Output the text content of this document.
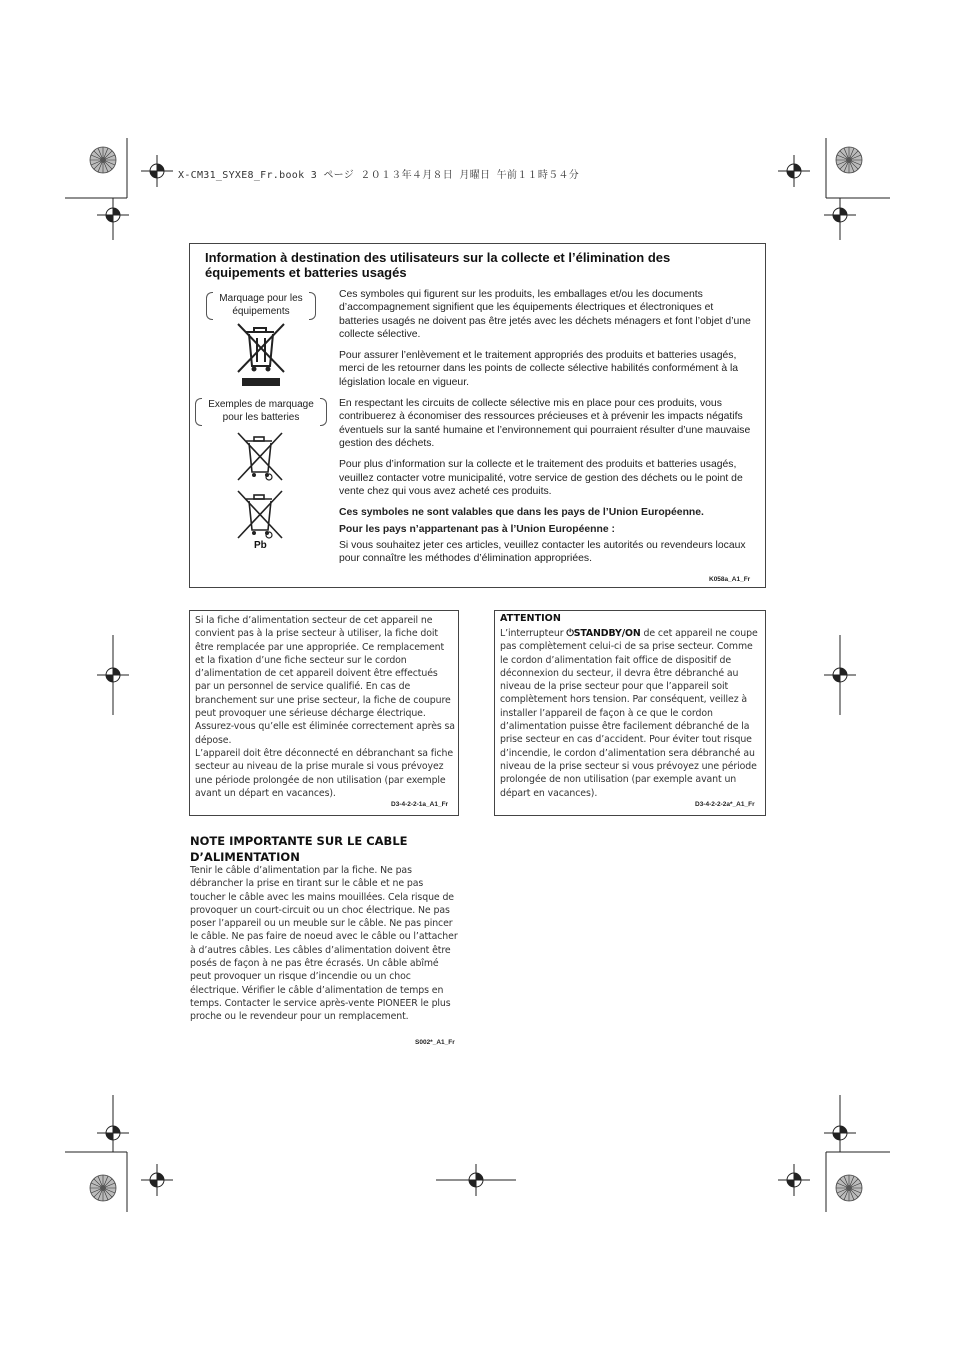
X-CM31_SYXE8_Fr.book 3 ページ ２０１３年４月８日 月曜日 午前１１時５４分
Information à destination des utilisateurs sur la collecte et l’élimination des équipements et batteries usagés
Marquage pour les équipements
Exemples de marquage pour les batteries
Pb

Ces symboles qui figurent sur les produits, les emballages et/ou les documents d’accompagnement signifient que les équipements électriques et électroniques et batteries usagés ne doivent pas être jetés avec les déchets ménagers et font l’objet d’une collecte sélective.

Pour assurer l’enlèvement et le traitement appropriés des produits et batteries usagés, merci de les retourner dans les points de collecte sélective habilités conformément à la législation locale en vigueur.

En respectant les circuits de collecte sélective mis en place pour ces produits, vous contribuerez à économiser des ressources précieuses et à prévenir les impacts négatifs éventuels sur la santé humaine et l’environnement qui pourraient résulter d’une mauvaise gestion des déchets.

Pour plus d’information sur la collecte et le traitement des produits et batteries usagés, veuillez contacter votre municipalité, votre service de gestion des déchets ou le point de vente chez qui vous avez acheté ces produits.

Ces symboles ne sont valables que dans les pays de l’Union Européenne.

Pour les pays n’appartenant pas à l’Union Européenne :

Si vous souhaitez jeter ces articles, veuillez contacter les autorités ou revendeurs locaux pour connaître les méthodes d’élimination appropriées.

K058a_A1_Fr

Si la fiche d’alimentation secteur de cet appareil ne convient pas à la prise secteur à utiliser, la fiche doit être remplacée par une appropriée. Ce remplacement et la fixation d’une fiche secteur sur le cordon d’alimentation de cet appareil doivent être effectués par un personnel de service qualifié. En cas de branchement sur une prise secteur, la fiche de coupure peut provoquer une sérieuse décharge électrique. Assurez-vous qu’elle est éliminée correctement après sa dépose.

L’appareil doit être déconnecté en débranchant sa fiche secteur au niveau de la prise murale si vous prévoyez une période prolongée de non utilisation (par exemple avant un départ en vacances).

D3-4-2-2-1a_A1_Fr
ATTENTION
L’interrupteur ⏻STANDBY/ON de cet appareil ne coupe pas complètement celui-ci de sa prise secteur. Comme le cordon d’alimentation fait office de dispositif de déconnexion du secteur, il devra être débranché au niveau de la prise secteur pour que l’appareil soit complètement hors tension. Par conséquent, veillez à installer l’appareil de façon à ce que le cordon d’alimentation puisse être facilement débranché de la prise secteur en cas d’accident. Pour éviter tout risque d’incendie, le cordon d’alimentation sera débranché au niveau de la prise secteur si vous prévoyez une période prolongée de non utilisation (par exemple avant un départ en vacances).
D3-4-2-2-2a*_A1_Fr
NOTE IMPORTANTE SUR LE CABLE D’ALIMENTATION
Tenir le câble d’alimentation par la fiche. Ne pas débrancher la prise en tirant sur le câble et ne pas toucher le câble avec les mains mouillées. Cela risque de provoquer un court-circuit ou un choc électrique. Ne pas poser l’appareil ou un meuble sur le câble. Ne pas pincer le câble. Ne pas faire de noeud avec le câble ou l’attacher à d’autres câbles. Les câbles d’alimentation doivent être posés de façon à ne pas être écrasés. Un câble abîmé peut provoquer un risque d’incendie ou un choc électrique. Vérifier le câble d’alimentation de temps en temps. Contacter le service après-vente PIONEER le plus proche ou le revendeur pour un remplacement.
S002*_A1_Fr
